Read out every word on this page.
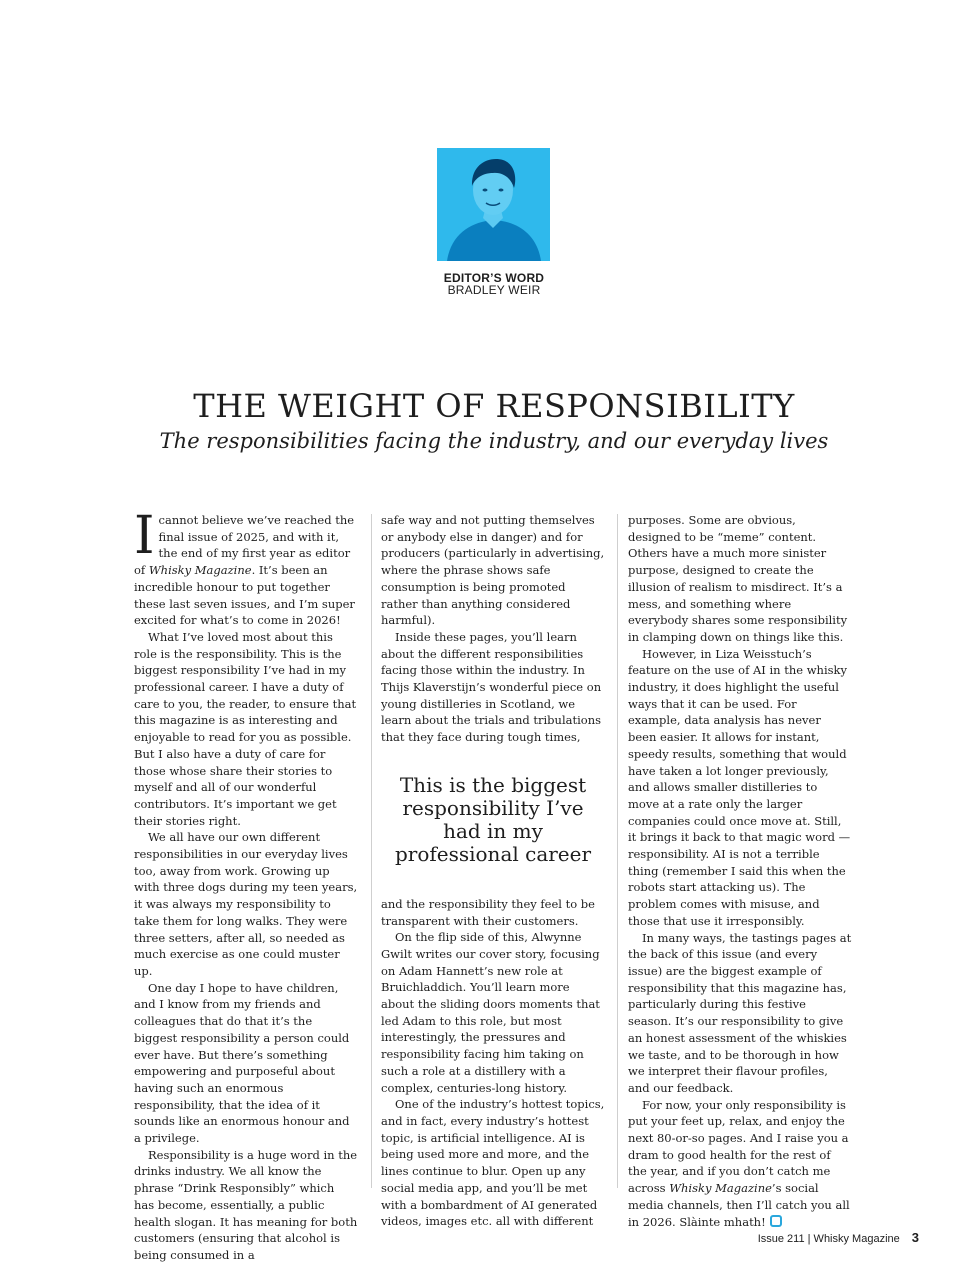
EDITOR’S WORD
BRADLEY WEIR
THE WEIGHT OF RESPONSIBILITY
The responsibilities facing the industry, and our everyday lives

Icannot believe we’ve reached the final issue of 2025, and with it, the end of my first year as editor of Whisky Magazine. It’s been an incredible honour to put together these last seven issues, and I’m super excited for what’s to come in 2026!

What I’ve loved most about this role is the responsibility. This is the biggest responsibility I’ve had in my professional career. I have a duty of care to you, the reader, to ensure that this magazine is as interesting and enjoyable to read for you as possible. But I also have a duty of care for those whose share their stories to myself and all of our wonderful contributors. It’s important we get their stories right.

We all have our own different responsibilities in our everyday lives too, away from work. Growing up with three dogs during my teen years, it was always my responsibility to take them for long walks. They were three setters, after all, so needed as much exercise as one could muster up.

One day I hope to have children, and I know from my friends and colleagues that do that it’s the biggest responsibility a person could ever have. But there’s something empowering and purposeful about having such an enormous responsibility, that the idea of it sounds like an enormous honour and a privilege.

Responsibility is a huge word in the drinks industry. We all know the phrase “Drink Responsibly” which has become, essentially, a public health slogan. It has meaning for both customers (ensuring that alcohol is being consumed in a

safe way and not putting themselves or anybody else in danger) and for producers (particularly in advertising, where the phrase shows safe consumption is being promoted rather than anything considered harmful).

Inside these pages, you’ll learn about the different responsibilities facing those within the industry. In Thijs Klaverstijn’s wonderful piece on young distilleries in Scotland, we learn about the trials and tribulations that they face during tough times,

This is the biggest responsibility I’ve had in my professional career

and the responsibility they feel to be transparent with their customers.

On the flip side of this, Alwynne Gwilt writes our cover story, focusing on Adam Hannett’s new role at Bruichladdich. You’ll learn more about the sliding doors moments that led Adam to this role, but most interestingly, the pressures and responsibility facing him taking on such a role at a distillery with a complex, centuries-long history.

One of the industry’s hottest topics, and in fact, every industry’s hottest topic, is artificial intelligence. AI is being used more and more, and the lines continue to blur. Open up any social media app, and you’ll be met with a bombardment of AI generated videos, images etc. all with different

purposes. Some are obvious, designed to be “meme” content. Others have a much more sinister purpose, designed to create the illusion of realism to misdirect. It’s a mess, and something where everybody shares some responsibility in clamping down on things like this.

However, in Liza Weisstuch’s feature on the use of AI in the whisky industry, it does highlight the useful ways that it can be used. For example, data analysis has never been easier. It allows for instant, speedy results, something that would have taken a lot longer previously, and allows smaller distilleries to move at a rate only the larger companies could once move at. Still, it brings it back to that magic word — responsibility. AI is not a terrible thing (remember I said this when the robots start attacking us). The problem comes with misuse, and those that use it irresponsibly.

In many ways, the tastings pages at the back of this issue (and every issue) are the biggest example of responsibility that this magazine has, particularly during this festive season. It’s our responsibility to give an honest assessment of the whiskies we taste, and to be thorough in how we interpret their flavour profiles, and our feedback.

For now, your only responsibility is put your feet up, relax, and enjoy the next 80-or-so pages. And I raise you a dram to good health for the rest of the year, and if you don’t catch me across Whisky Magazine’s social media channels, then I’ll catch you all in 2026. Slàinte mhath!

Issue 211 | Whisky Magazine 3
